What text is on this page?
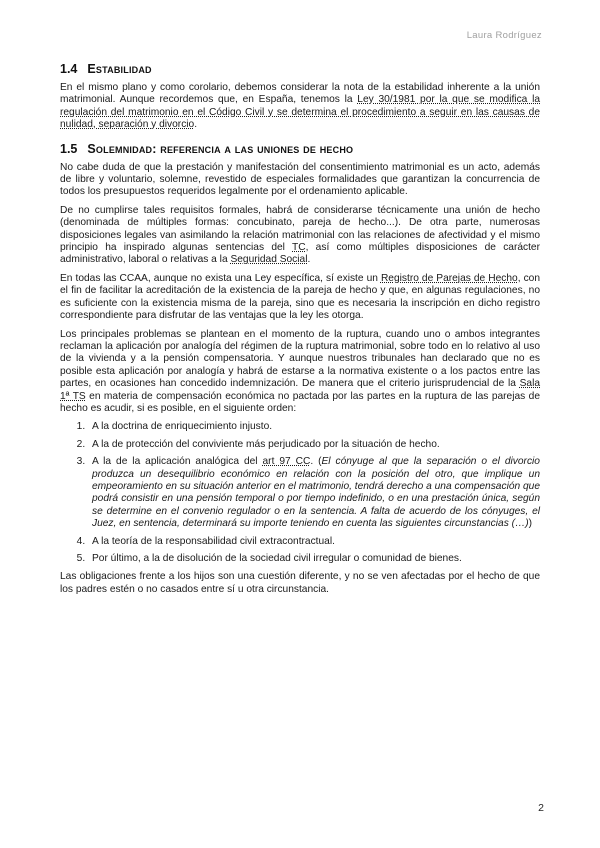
Laura Rodríguez
1.4 Estabilidad

En el mismo plano y como corolario, debemos considerar la nota de la estabilidad inherente a la unión matrimonial. Aunque recordemos que, en España, tenemos la Ley 30/1981 por la que se modifica la regulación del matrimonio en el Código Civil y se determina el procedimiento a seguir en las causas de nulidad, separación y divorcio.

1.5 Solemnidad: referencia a las uniones de hecho

No cabe duda de que la prestación y manifestación del consentimiento matrimonial es un acto, además de libre y voluntario, solemne, revestido de especiales formalidades que garantizan la concurrencia de todos los presupuestos requeridos legalmente por el ordenamiento aplicable.

De no cumplirse tales requisitos formales, habrá de considerarse técnicamente una unión de hecho (denominada de múltiples formas: concubinato, pareja de hecho...). De otra parte, numerosas disposiciones legales van asimilando la relación matrimonial con las relaciones de afectividad y el mismo principio ha inspirado algunas sentencias del TC, así como múltiples disposiciones de carácter administrativo, laboral o relativas a la Seguridad Social.

En todas las CCAA, aunque no exista una Ley específica, sí existe un Registro de Parejas de Hecho, con el fin de facilitar la acreditación de la existencia de la pareja de hecho y que, en algunas regulaciones, no es suficiente con la existencia misma de la pareja, sino que es necesaria la inscripción en dicho registro correspondiente para disfrutar de las ventajas que la ley les otorga.

Los principales problemas se plantean en el momento de la ruptura, cuando uno o ambos integrantes reclaman la aplicación por analogía del régimen de la ruptura matrimonial, sobre todo en lo relativo al uso de la vivienda y a la pensión compensatoria. Y aunque nuestros tribunales han declarado que no es posible esta aplicación por analogía y habrá de estarse a la normativa existente o a los pactos entre las partes, en ocasiones han concedido indemnización. De manera que el criterio jurisprudencial de la Sala 1ª TS en materia de compensación económica no pactada por las partes en la ruptura de las parejas de hecho es acudir, si es posible, en el siguiente orden:

1. A la doctrina de enriquecimiento injusto.
2. A la de protección del conviviente más perjudicado por la situación de hecho.
3. A la de la aplicación analógica del art 97 CC. (El cónyuge al que la separación o el divorcio produzca un desequilibrio económico en relación con la posición del otro, que implique un empeoramiento en su situación anterior en el matrimonio, tendrá derecho a una compensación que podrá consistir en una pensión temporal o por tiempo indefinido, o en una prestación única, según se determine en el convenio regulador o en la sentencia. A falta de acuerdo de los cónyuges, el Juez, en sentencia, determinará su importe teniendo en cuenta las siguientes circunstancias (…))
4. A la teoría de la responsabilidad civil extracontractual.
5. Por último, a la de disolución de la sociedad civil irregular o comunidad de bienes.

Las obligaciones frente a los hijos son una cuestión diferente, y no se ven afectadas por el hecho de que los padres estén o no casados entre sí u otra circunstancia.

2
